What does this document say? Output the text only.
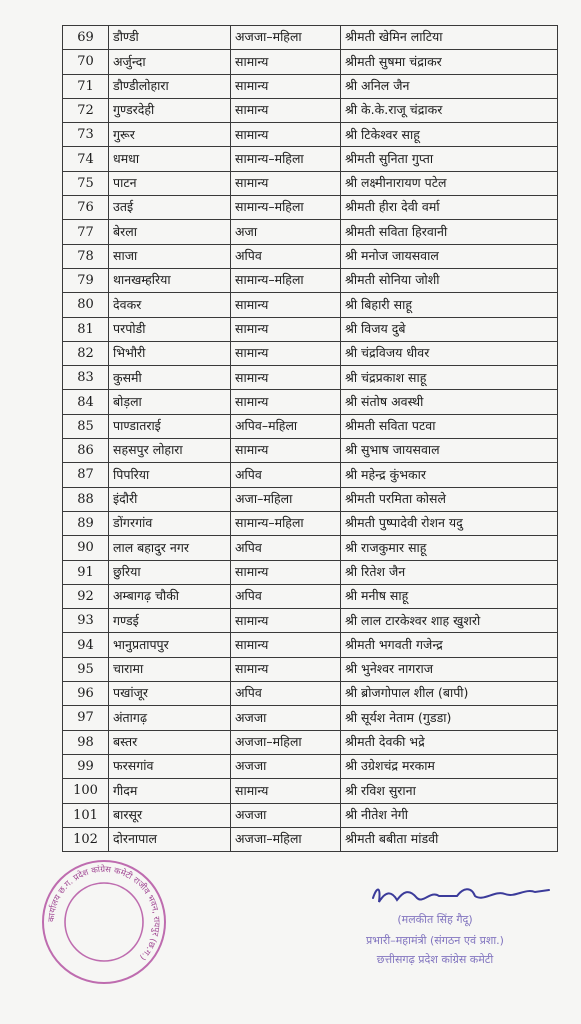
69	डौण्डी	अजजा–महिला	श्रीमती खेमिन लाटिया
70	अर्जुन्दा	सामान्य	श्रीमती सुषमा चंद्राकर
71	डौण्डीलोहारा	सामान्य	श्री अनिल जैन
72	गुण्डरदेही	सामान्य	श्री के.के.राजू चंद्राकर
73	गुरूर	सामान्य	श्री टिकेश्वर साहू
74	धमधा	सामान्य–महिला	श्रीमती सुनिता गुप्ता
75	पाटन	सामान्य	श्री लक्ष्मीनारायण पटेल
76	उतई	सामान्य–महिला	श्रीमती हीरा देवी वर्मा
77	बेरला	अजा	श्रीमती सविता हिरवानी
78	साजा	अपिव	श्री मनोज जायसवाल
79	थानखम्हरिया	सामान्य–महिला	श्रीमती सोनिया जोशी
80	देवकर	सामान्य	श्री बिहारी साहू
81	परपोडी	सामान्य	श्री विजय दुबे
82	भिभौरी	सामान्य	श्री चंद्रविजय धीवर
83	कुसमी	सामान्य	श्री चंद्रप्रकाश साहू
84	बोड़ला	सामान्य	श्री संतोष अवस्थी
85	पाण्डातराई	अपिव–महिला	श्रीमती सविता पटवा
86	सहसपुर लोहारा	सामान्य	श्री सुभाष जायसवाल
87	पिपरिया	अपिव	श्री महेन्द्र कुंभकार
88	इंदौरी	अजा–महिला	श्रीमती परमिता कोसले
89	डोंगरगांव	सामान्य–महिला	श्रीमती पुष्पादेवी रोशन यदु
90	लाल बहादुर नगर	अपिव	श्री राजकुमार साहू
91	छुरिया	सामान्य	श्री रितेश जैन
92	अम्बागढ़ चौकी	अपिव	श्री मनीष साहू
93	गण्डई	सामान्य	श्री लाल टारकेश्वर शाह खुशरो
94	भानुप्रतापपुर	सामान्य	श्रीमती भगवती गजेन्द्र
95	चारामा	सामान्य	श्री भुनेश्वर नागराज
96	पखांजूर	अपिव	श्री ब्रोजगोपाल शील (बापी)
97	अंतागढ़	अजजा	श्री सूर्यश नेताम (गुडडा)
98	बस्तर	अजजा–महिला	श्रीमती देवकी भद्रे
99	फरसगांव	अजजा	श्री उग्रेशचंद्र मरकाम
100	गीदम	सामान्य	श्री रविश सुराना
101	बारसूर	अजजा	श्री नीतेश नेगी
102	दोरनापाल	अजजा–महिला	श्रीमती बबीता मांडवी
कार्यालय छ.ग. प्रदेश कांग्रेस कमेटी राजीव भवन, रायपुर (छ.ग.)
(मलकीत सिंह गैदू)
प्रभारी–महामंत्री (संगठन एवं प्रशा.)
छत्तीसगढ़ प्रदेश कांग्रेस कमेटी
